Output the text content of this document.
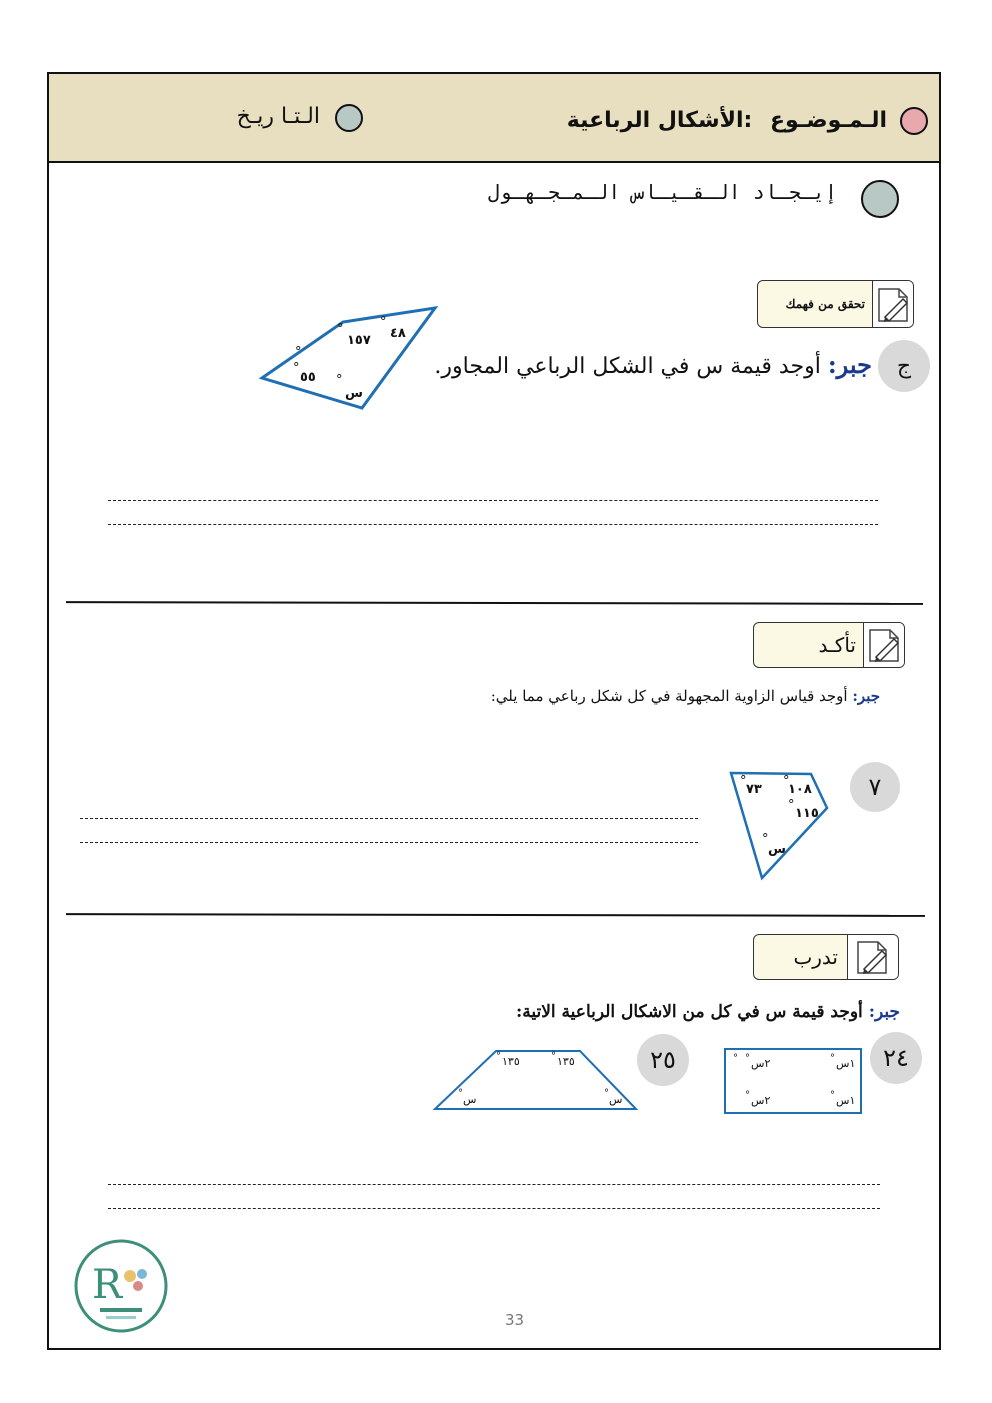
الـمـوضـوع :الأشكال الرباعية
الـتـا ريـخ
إيـجـاد الـقـيـاس الـمـجـهـول
تحقق من فهمك
ج
جبر: أوجد قيمة س في الشكل الرباعي المجاور.
٤٨
١٥٧
٥٥
س
°
°
°
°
°
تأكـد
جبر: أوجد قياس الزاوية المجهولة في كل شكل رباعي مما يلي:
٧
٧٣ ١٠٨
١١٥
س
°	°
°
°
تدرب
جبر: أوجد قيمة س في كل من الاشكال الرباعية الاتية:
٢٤
١س
٢س
١س
٢س
°
°
°
°
°
٢٥
١٣٥	١٣٥
س	س
°	°
°	°
R
33
